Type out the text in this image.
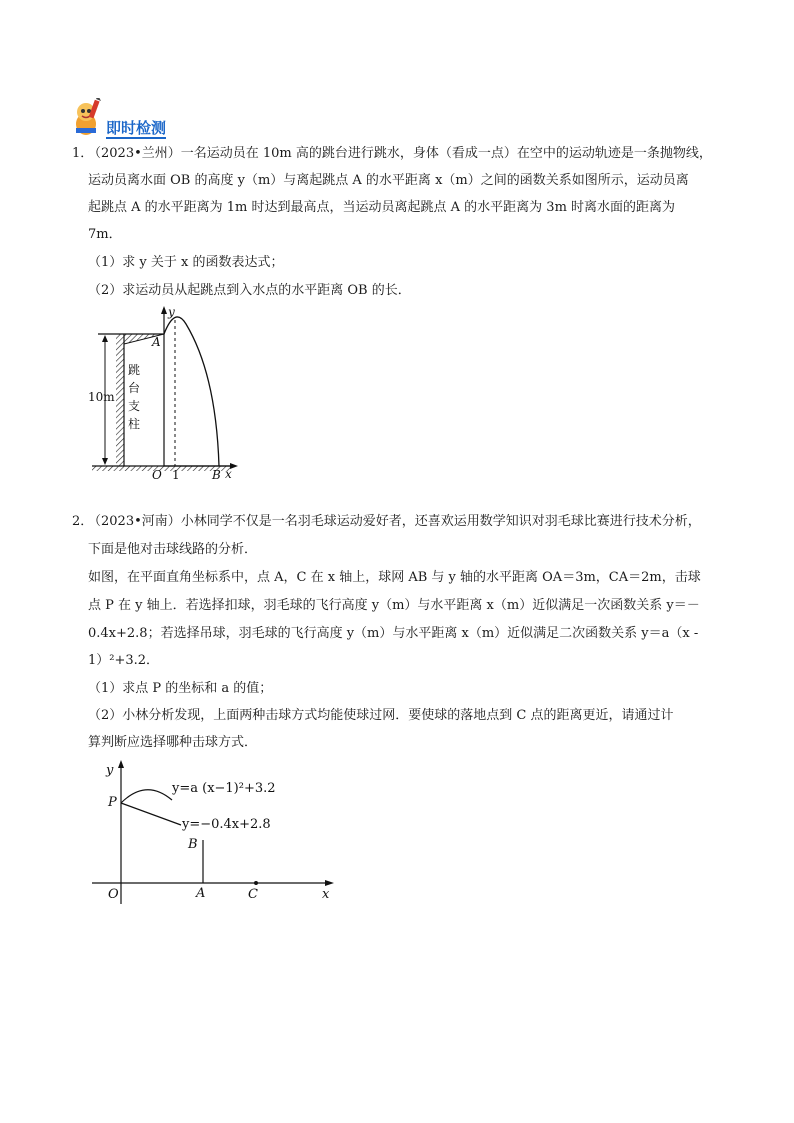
即时检测
1．
（2023•兰州）一名运动员在 10m 高的跳台进行跳水，身体（看成一点）在空中的运动轨迹是一条抛物线，
运动员离水面 OB 的高度 y（m）与离起跳点 A 的水平距离 x（m）之间的函数关系如图所示，运动员离
起跳点 A 的水平距离为 1m 时达到最高点，当运动员离起跳点 A 的水平距离为 3m 时离水面的距离为
7m．
（1）求 y 关于 x 的函数表达式；
（2）求运动员从起跳点到入水点的水平距离 OB 的长．
10m
跳
台
支
柱
y
x
A
O 1	B
2．
（2023•河南）小林同学不仅是一名羽毛球运动爱好者，还喜欢运用数学知识对羽毛球比赛进行技术分析，
下面是他对击球线路的分析．
如图，在平面直角坐标系中，点 A，C 在 x 轴上，球网 AB 与 y 轴的水平距离 OA＝3m，CA＝2m，击球
点 P 在 y 轴上．若选择扣球，羽毛球的飞行高度 y（m）与水平距离 x（m）近似满足一次函数关系 y＝－
0.4x+2.8；若选择吊球，羽毛球的飞行高度 y（m）与水平距离 x（m）近似满足二次函数关系 y＝a（x -
1）²+3.2．
（1）求点 P 的坐标和 a 的值；
（2）小林分析发现，上面两种击球方式均能使球过网．要使球的落地点到 C 点的距离更近，请通过计
算判断应选择哪种击球方式．
y
x
O
P
y=a (x−1)²+3.2
y=−0.4x+2.8
B
A	C
